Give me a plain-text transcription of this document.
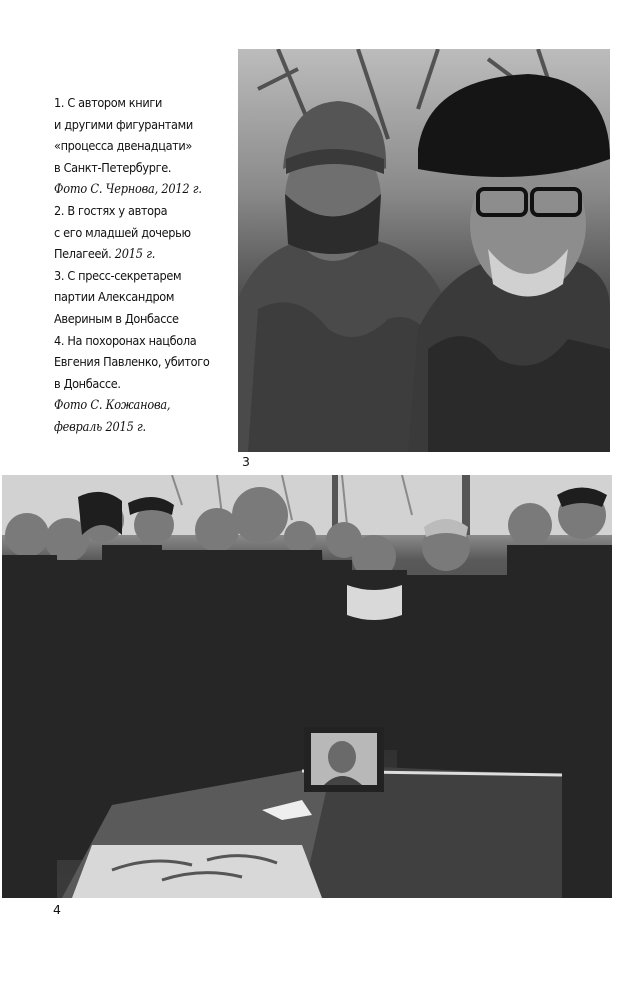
1. С автором книги
и другими фигурантами
«процесса двенадцати»
в Санкт-Петербурге.
Фото С. Чернова, 2012 г.
2. В гостях у автора
с его младшей дочерью
Пелагеей. 2015 г.
3. С пресс-секретарем
партии Александром
Авериным в Донбассе
4. На похоронах нацбола
Евгения Павленко, убитого
в Донбассе.
Фото С. Кожанова,
февраль 2015 г.
3
4
